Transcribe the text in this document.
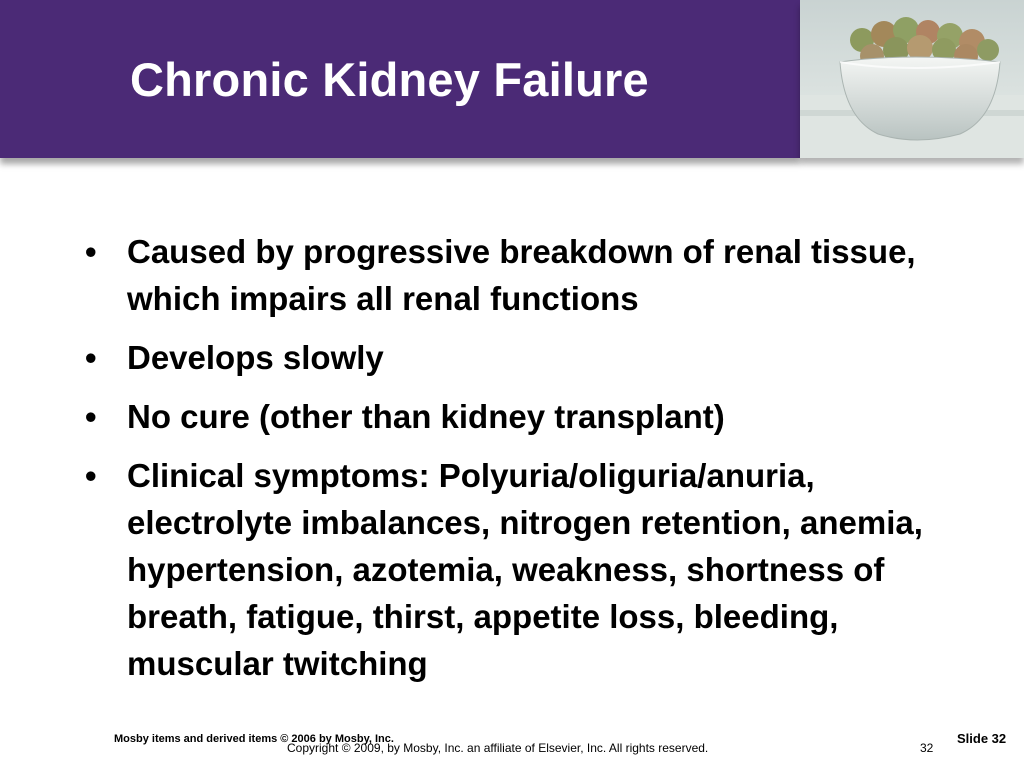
Chronic Kidney Failure
• Caused by progressive breakdown of renal tissue, which impairs all renal functions
• Develops slowly
• No cure (other than kidney transplant)
• Clinical symptoms: Polyuria/oliguria/anuria, electrolyte imbalances, nitrogen retention, anemia, hypertension, azotemia, weakness, shortness of breath, fatigue, thirst, appetite loss, bleeding, muscular twitching
Mosby items and derived items © 2006 by Mosby, Inc.
Copyright © 2009, by Mosby, Inc. an affiliate of Elsevier, Inc. All rights reserved.	32
Slide 32
